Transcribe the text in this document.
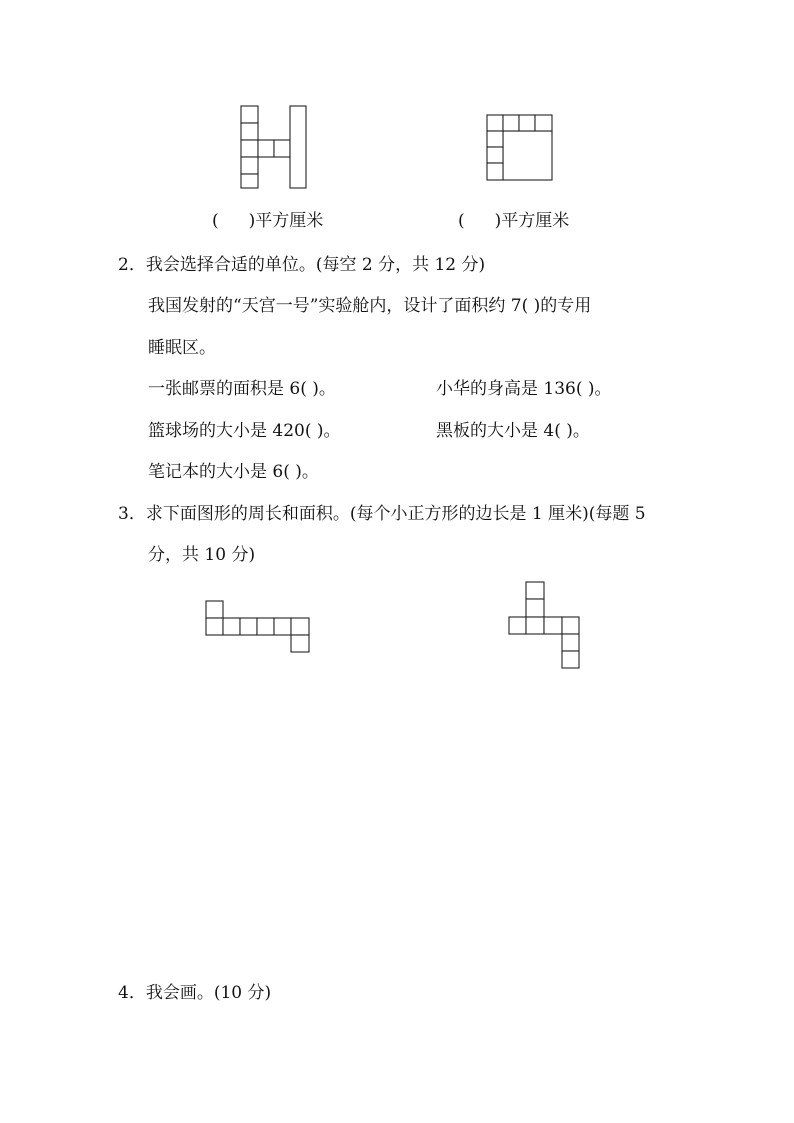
( )平方厘米	( )平方厘米
2．我会选择合适的单位。(每空 2 分，共 12 分)
我国发射的“天宫一号”实验舱内，设计了面积约 7( )的专用
睡眠区。
一张邮票的面积是 6( )。	小华的身高是 136( )。
篮球场的大小是 420( )。	黑板的大小是 4( )。
笔记本的大小是 6( )。
3．求下面图形的周长和面积。(每个小正方形的边长是 1 厘米)(每题 5
分，共 10 分)
4．我会画。(10 分)
